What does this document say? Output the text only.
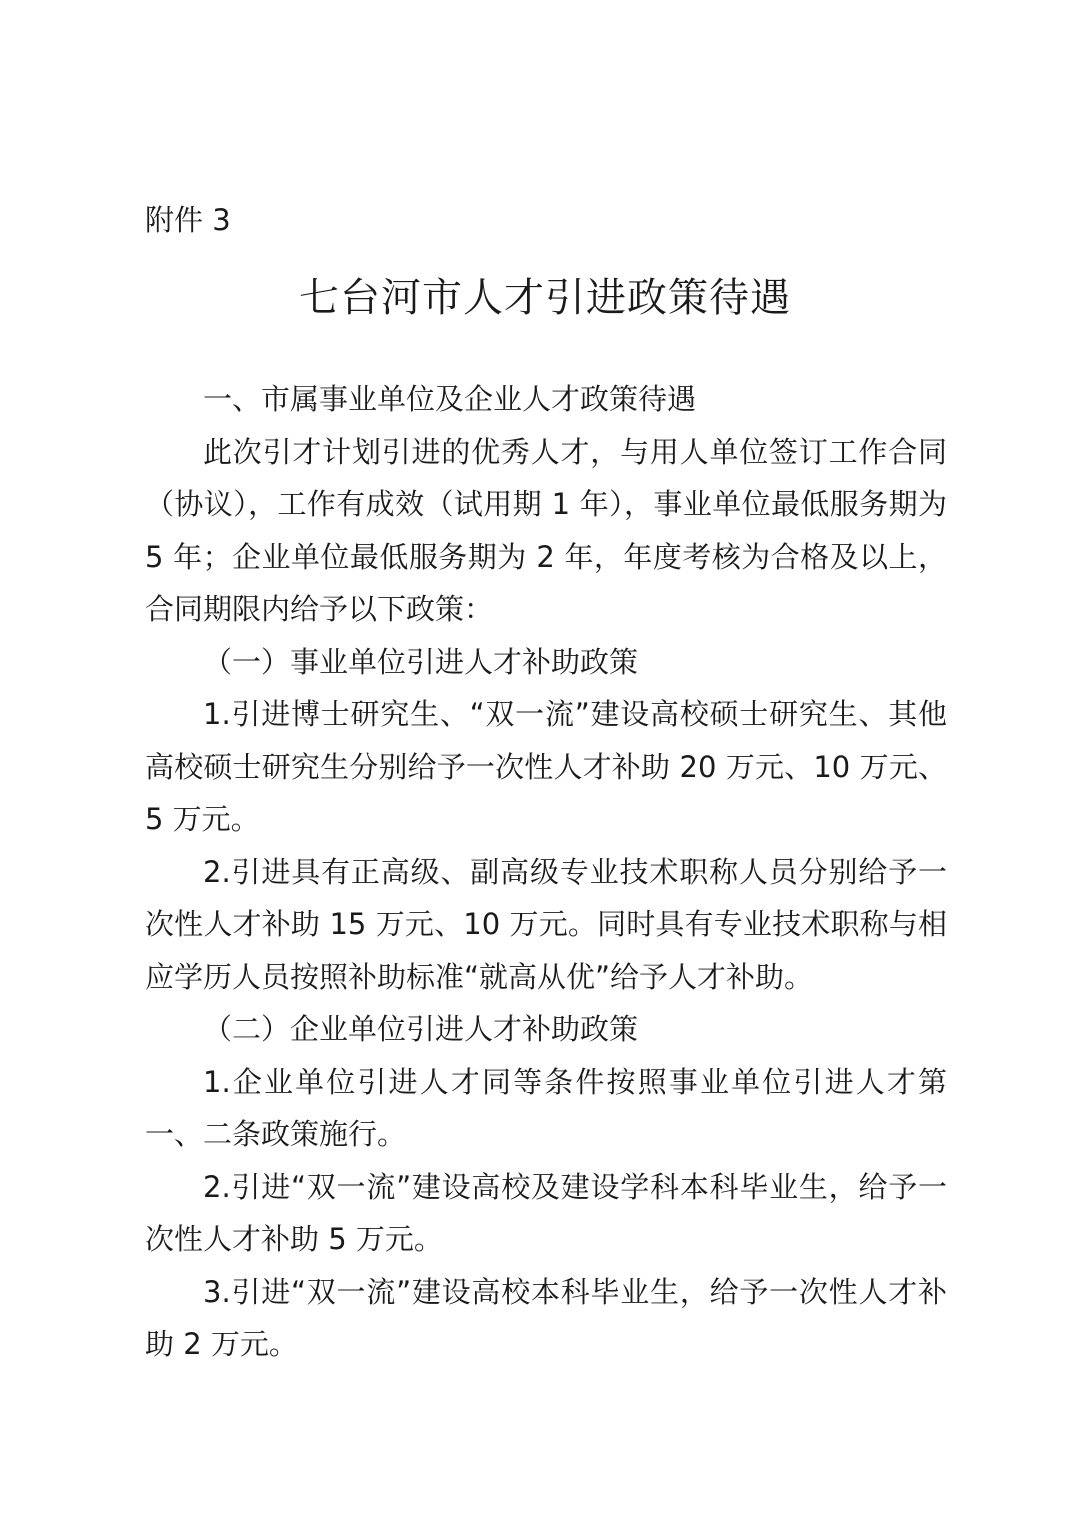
附件 3

七台河市人才引进政策待遇

一、市属事业单位及企业人才政策待遇

此次引才计划引进的优秀人才，与用人单位签订工作合同（协议），工作有成效（试用期 1 年），事业单位最低服务期为 5 年；企业单位最低服务期为 2 年，年度考核为合格及以上，合同期限内给予以下政策：

（一）事业单位引进人才补助政策

1.引进博士研究生、“双一流”建设高校硕士研究生、其他高校硕士研究生分别给予一次性人才补助 20 万元、10 万元、5 万元。

2.引进具有正高级、副高级专业技术职称人员分别给予一次性人才补助 15 万元、10 万元。同时具有专业技术职称与相应学历人员按照补助标准“就高从优”给予人才补助。

（二）企业单位引进人才补助政策

1.企业单位引进人才同等条件按照事业单位引进人才第一、二条政策施行。

2.引进“双一流”建设高校及建设学科本科毕业生，给予一次性人才补助 5 万元。

3.引进“双一流”建设高校本科毕业生，给予一次性人才补助 2 万元。
